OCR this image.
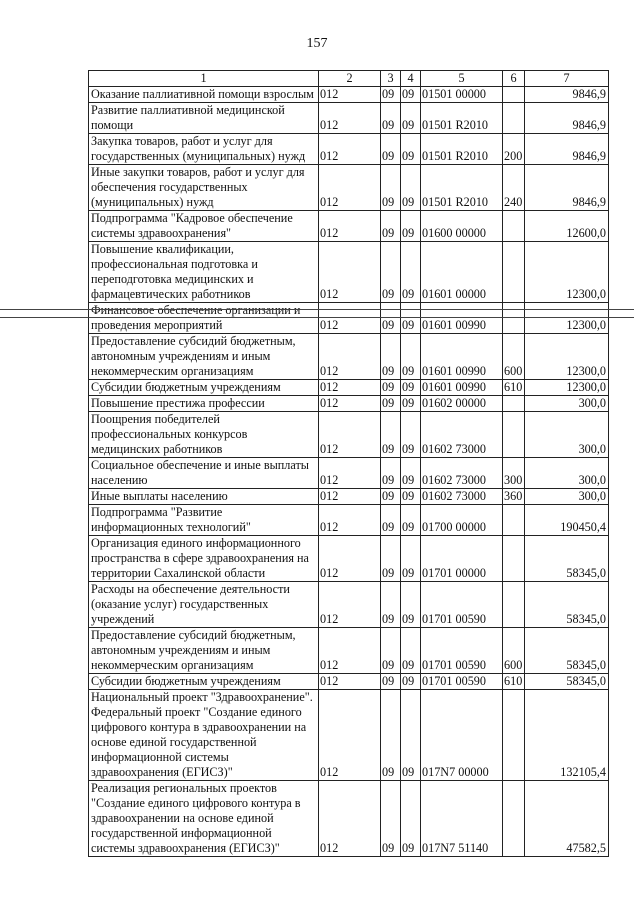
157
1	2	3	4	5	6	7
Оказание паллиативной помощи взрослым	012	09	09	01501 00000		9846,9
Развитие паллиативной медицинской помощи	012	09	09	01501 R2010		9846,9
Закупка товаров, работ и услуг для государственных (муниципальных) нужд	012	09	09	01501 R2010	200	9846,9
Иные закупки товаров, работ и услуг для обеспечения государственных (муниципальных) нужд	012	09	09	01501 R2010	240	9846,9
Подпрограмма "Кадровое обеспечение системы здравоохранения"	012	09	09	01600 00000		12600,0
Повышение квалификации, профессиональная подготовка и переподготовка медицинских и фармацевтических работников	012	09	09	01601 00000		12300,0
Финансовое обеспечение организации и проведения мероприятий	012	09	09	01601 00990		12300,0
Предоставление субсидий бюджетным, автономным учреждениям и иным некоммерческим организациям	012	09	09	01601 00990	600	12300,0
Субсидии бюджетным учреждениям	012	09	09	01601 00990	610	12300,0
Повышение престижа профессии	012	09	09	01602 00000		300,0
Поощрения победителей профессиональных конкурсов медицинских работников	012	09	09	01602 73000		300,0
Социальное обеспечение и иные выплаты населению	012	09	09	01602 73000	300	300,0
Иные выплаты населению	012	09	09	01602 73000	360	300,0
Подпрограмма "Развитие информационных технологий"	012	09	09	01700 00000		190450,4
Организация единого информационного пространства в сфере здравоохранения на территории Сахалинской области	012	09	09	01701 00000		58345,0
Расходы на обеспечение деятельности (оказание услуг) государственных учреждений	012	09	09	01701 00590		58345,0
Предоставление субсидий бюджетным, автономным учреждениям и иным некоммерческим организациям	012	09	09	01701 00590	600	58345,0
Субсидии бюджетным учреждениям	012	09	09	01701 00590	610	58345,0
Национальный проект "Здравоохранение". Федеральный проект "Создание единого цифрового контура в здравоохранении на основе единой государственной информационной системы здравоохранения (ЕГИСЗ)"	012	09	09	017N7 00000		132105,4
Реализация региональных проектов "Создание единого цифрового контура в здравоохранении на основе единой государственной информационной системы здравоохранения (ЕГИСЗ)"	012	09	09	017N7 51140		47582,5
